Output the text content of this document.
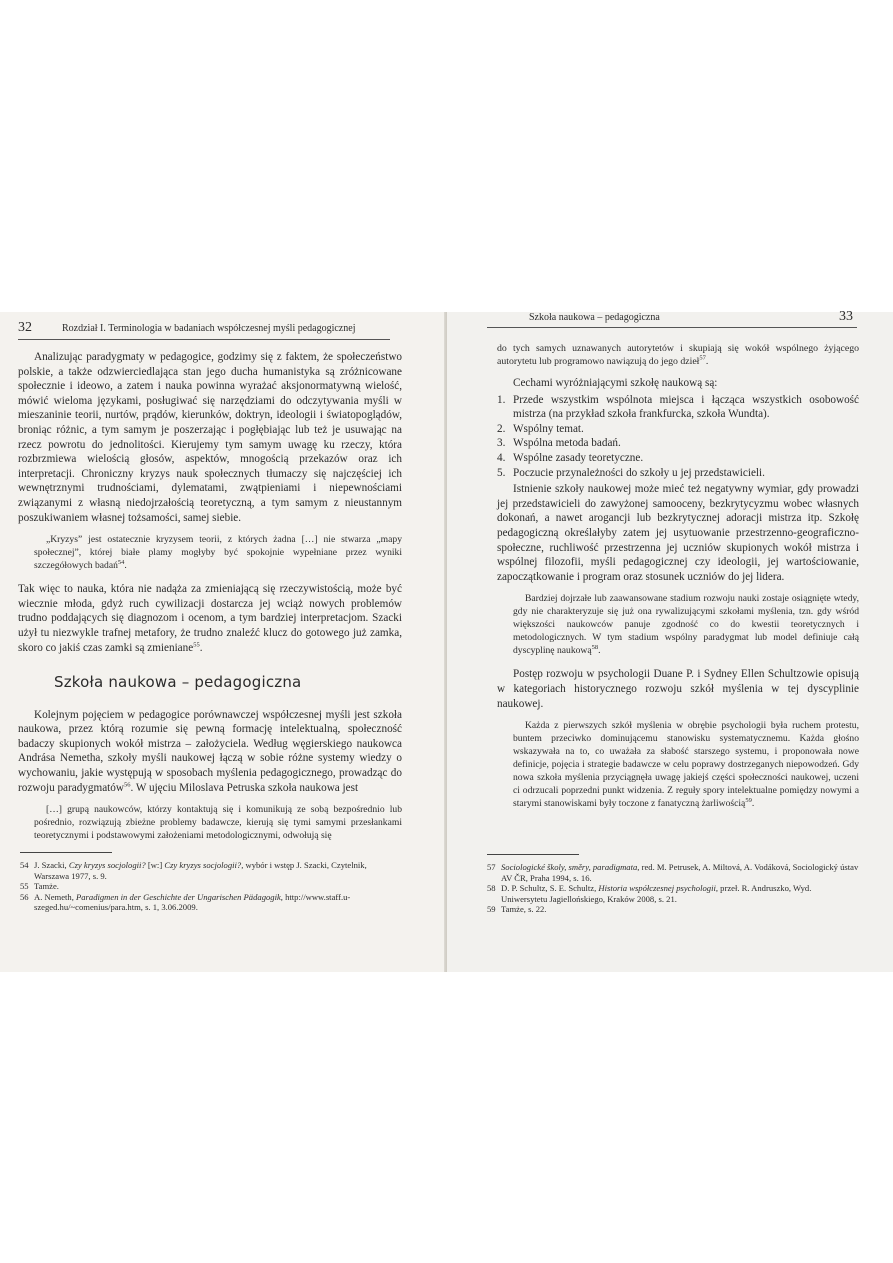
32	Rozdział I. Terminologia w badaniach współczesnej myśli pedagogicznej

Analizując paradygmaty w pedagogice, godzimy się z faktem, że społeczeństwo polskie, a także odzwierciedlająca stan jego ducha humanistyka są zróżnicowane społecznie i ideowo, a zatem i nauka powinna wyrażać aksjonormatywną wielość, mówić wieloma językami, posługiwać się narzędziami do odczytywania myśli w mieszaninie teorii, nurtów, prądów, kierunków, doktryn, ideologii i światopoglądów, broniąc różnic, a tym samym je poszerzając i pogłębiając lub też je usuwając na rzecz powrotu do jednolitości. Kierujemy tym samym uwagę ku rzeczy, która rozbrzmiewa wielością głosów, aspektów, mnogością przekazów oraz ich interpretacji. Chroniczny kryzys nauk społecznych tłumaczy się najczęściej ich wewnętrznymi trudnościami, dylematami, zwątpieniami i niepewnościami związanymi z własną niedojrzałością teoretyczną, a tym samym z nieustannym poszukiwaniem własnej tożsamości, samej siebie.

„Kryzys” jest ostatecznie kryzysem teorii, z których żadna […] nie stwarza „mapy społecznej”, której białe plamy mogłyby być spokojnie wypełniane przez wyniki szczegółowych badań$^{54}$.

Tak więc to nauka, która nie nadąża za zmieniającą się rzeczywistością, może być wiecznie młoda, gdyż ruch cywilizacji dostarcza jej wciąż nowych problemów trudno poddających się diagnozom i ocenom, a tym bardziej interpretacjom. Szacki użył tu niezwykle trafnej metafory, że trudno znaleźć klucz do gotowego już zamka, skoro co jakiś czas zamki są zmieniane$^{55}$.

Szkoła naukowa – pedagogiczna

Kolejnym pojęciem w pedagogice porównawczej współczesnej myśli jest szkoła naukowa, przez którą rozumie się pewną formację intelektualną, społeczność badaczy skupionych wokół mistrza – założyciela. Według węgierskiego naukowca Andrása Nemetha, szkoły myśli naukowej łączą w sobie różne systemy wiedzy o wychowaniu, jakie występują w sposobach myślenia pedagogicznego, prowadząc do rozwoju paradygmatów$^{56}$. W ujęciu Miloslava Petruska szkoła naukowa jest

[…] grupą naukowców, którzy kontaktują się i komunikują ze sobą bezpośrednio lub pośrednio, rozwiązują zbieżne problemy badawcze, kierują się tymi samymi przesłankami teoretycznymi i podstawowymi założeniami metodologicznymi, odwołują się

54 J. Szacki, Czy kryzys socjologii? [w:] Czy kryzys socjologii?, wybór i wstęp J. Szacki, Czytelnik, Warszawa 1977, s. 9.
55 Tamże.
56 A. Nemeth, Paradigmen in der Geschichte der Ungarischen Pädagogik, http://www.staff.u-szeged.hu/~comenius/para.htm, s. 1, 3.06.2009.
Szkoła naukowa – pedagogiczna	33

do tych samych uznawanych autorytetów i skupiają się wokół wspólnego żyjącego autorytetu lub programowo nawiązują do jego dzieł$^{57}$.

Cechami wyróżniającymi szkołę naukową są:

1. Przede wszystkim wspólnota miejsca i łącząca wszystkich osobowość mistrza (na przykład szkoła frankfurcka, szkoła Wundta).
2. Wspólny temat.
3. Wspólna metoda badań.
4. Wspólne zasady teoretyczne.
5. Poczucie przynależności do szkoły u jej przedstawicieli.

Istnienie szkoły naukowej może mieć też negatywny wymiar, gdy prowadzi jej przedstawicieli do zawyżonej samooceny, bezkrytycyzmu wobec własnych dokonań, a nawet arogancji lub bezkrytycznej adoracji mistrza itp. Szkołę pedagogiczną określałyby zatem jej usytuowanie przestrzenno-geograficzno-społeczne, ruchliwość przestrzenna jej uczniów skupionych wokół mistrza i wspólnej filozofii, myśli pedagogicznej czy ideologii, jej wartościowanie, zapoczątkowanie i program oraz stosunek uczniów do jej lidera.

Bardziej dojrzałe lub zaawansowane stadium rozwoju nauki zostaje osiągnięte wtedy, gdy nie charakteryzuje się już ona rywalizującymi szkołami myślenia, tzn. gdy wśród większości naukowców panuje zgodność co do kwestii teoretycznych i metodologicznych. W tym stadium wspólny paradygmat lub model definiuje całą dyscyplinę naukową$^{58}$.

Postęp rozwoju w psychologii Duane P. i Sydney Ellen Schultzowie opisują w kategoriach historycznego rozwoju szkół myślenia w tej dyscyplinie naukowej.

Każda z pierwszych szkół myślenia w obrębie psychologii była ruchem protestu, buntem przeciwko dominującemu stanowisku systematycznemu. Każda głośno wskazywała na to, co uważała za słabość starszego systemu, i proponowała nowe definicje, pojęcia i strategie badawcze w celu poprawy dostrzeganych niepowodzeń. Gdy nowa szkoła myślenia przyciągnęła uwagę jakiejś części społeczności naukowej, uczeni ci odrzucali poprzedni punkt widzenia. Z reguły spory intelektualne pomiędzy nowymi a starymi stanowiskami były toczone z fanatyczną żarliwością$^{59}$.

57 Sociologické školy, směry, paradigmata, red. M. Petrusek, A. Miltová, A. Vodáková, Sociologický ústav AV ČR, Praha 1994, s. 16.
58 D. P. Schultz, S. E. Schultz, Historia współczesnej psychologii, przeł. R. Andruszko, Wyd. Uniwersytetu Jagiellońskiego, Kraków 2008, s. 21.
59 Tamże, s. 22.
